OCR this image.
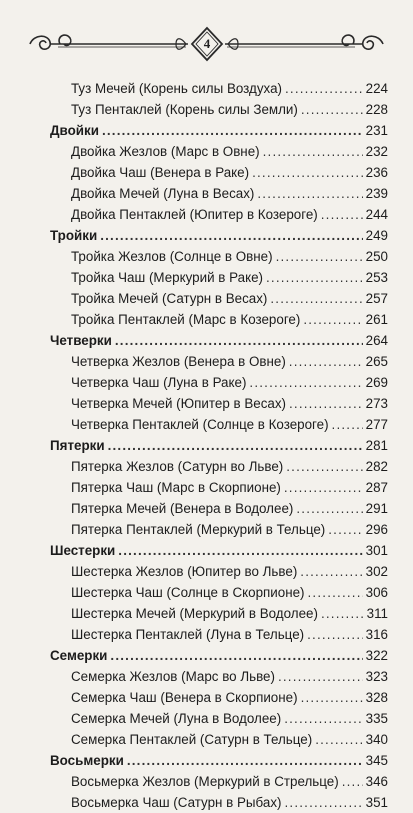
4
Туз Мечей (Корень силы Воздуха) .....	224
Туз Пентаклей (Корень силы Земли) .....	228
Двойки .....	231
Двойка Жезлов (Марс в Овне) .....	232
Двойка Чаш (Венера в Раке) .....	236
Двойка Мечей (Луна в Весах) .....	239
Двойка Пентаклей (Юпитер в Козероге) .....	244
Тройки .....	249
Тройка Жезлов (Солнце в Овне) .....	250
Тройка Чаш (Меркурий в Раке) .....	253
Тройка Мечей (Сатурн в Весах) .....	257
Тройка Пентаклей (Марс в Козероге) .....	261
Четверки .....	264
Четверка Жезлов (Венера в Овне) .....	265
Четверка Чаш (Луна в Раке) .....	269
Четверка Мечей (Юпитер в Весах) .....	273
Четверка Пентаклей (Солнце в Козероге) .....	277
Пятерки .....	281
Пятерка Жезлов (Сатурн во Льве) .....	282
Пятерка Чаш (Марс в Скорпионе) .....	287
Пятерка Мечей (Венера в Водолее) .....	291
Пятерка Пентаклей (Меркурий в Тельце) .....	296
Шестерки .....	301
Шестерка Жезлов (Юпитер во Льве) .....	302
Шестерка Чаш (Солнце в Скорпионе) .....	306
Шестерка Мечей (Меркурий в Водолее) .....	311
Шестерка Пентаклей (Луна в Тельце) .....	316
Семерки .....	322
Семерка Жезлов (Марс во Льве) .....	323
Семерка Чаш (Венера в Скорпионе) .....	328
Семерка Мечей (Луна в Водолее) .....	335
Семерка Пентаклей (Сатурн в Тельце) .....	340
Восьмерки .....	345
Восьмерка Жезлов (Меркурий в Стрельце) ..... 346
Восьмерка Чаш (Сатурн в Рыбах) .....	351
